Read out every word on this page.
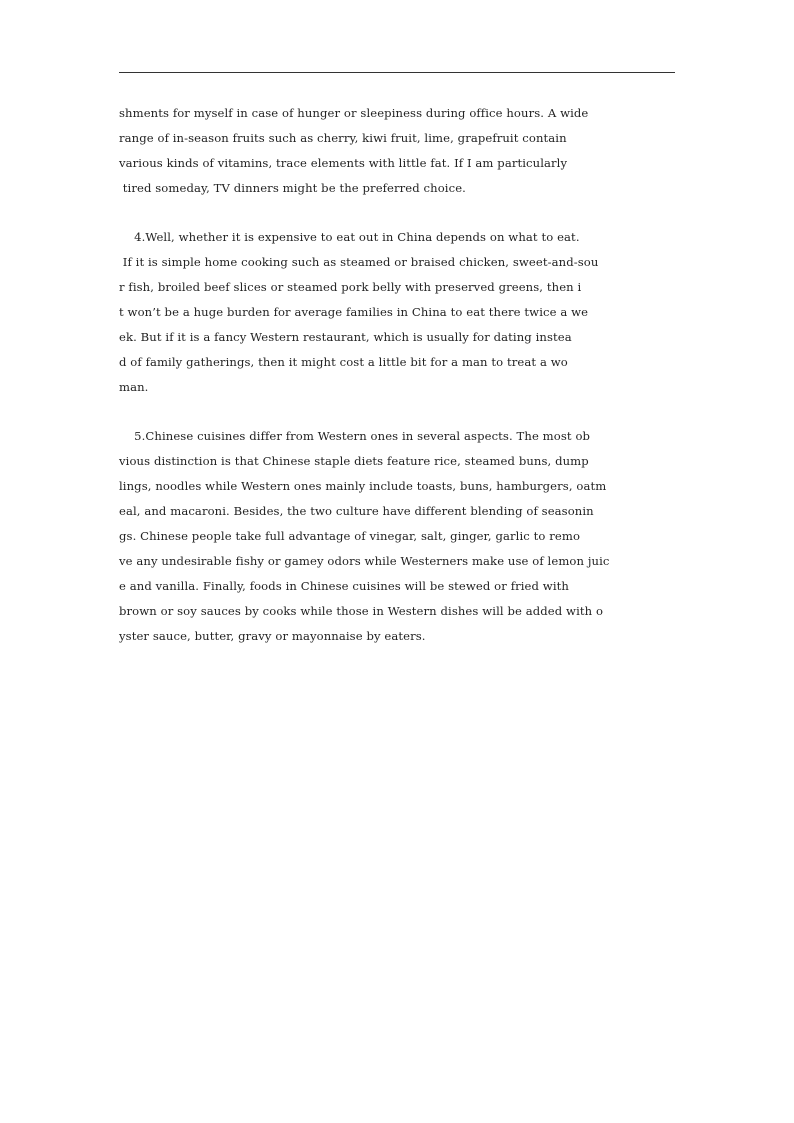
shments for myself in case of hunger or sleepiness during office hours. A wide
range of in-season fruits such as cherry, kiwi fruit, lime, grapefruit contain
various kinds of vitamins, trace elements with little fat. If I am particularly
tired someday, TV dinners might be the preferred choice.
4.Well, whether it is expensive to eat out in China depends on what to eat.
If it is simple home cooking such as steamed or braised chicken, sweet-and-sou
r fish, broiled beef slices or steamed pork belly with preserved greens, then i
t won’t be a huge burden for average families in China to eat there twice a we
ek. But if it is a fancy Western restaurant, which is usually for dating instea
d of family gatherings, then it might cost a little bit for a man to treat a wo
man.
5.Chinese cuisines differ from Western ones in several aspects. The most ob
vious distinction is that Chinese staple diets feature rice, steamed buns, dump
lings, noodles while Western ones mainly include toasts, buns, hamburgers, oatm
eal, and macaroni. Besides, the two culture have different blending of seasonin
gs. Chinese people take full advantage of vinegar, salt, ginger, garlic to remo
ve any undesirable fishy or gamey odors while Westerners make use of lemon juic
e and vanilla. Finally, foods in Chinese cuisines will be stewed or fried with
brown or soy sauces by cooks while those in Western dishes will be added with o
yster sauce, butter, gravy or mayonnaise by eaters.
